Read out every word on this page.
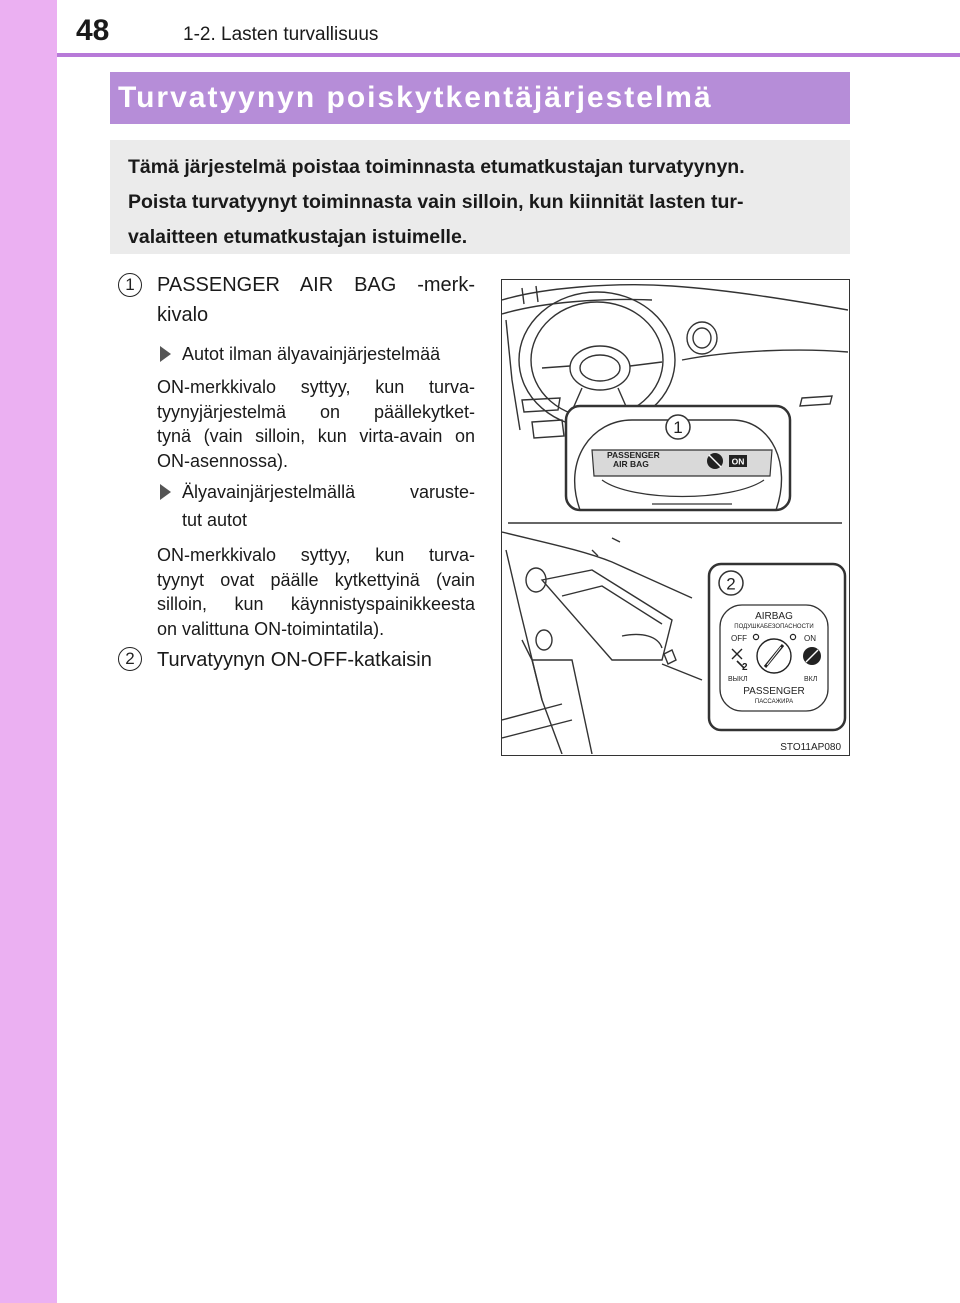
48	1-2. Lasten turvallisuus
Turvatyynyn poiskytkentäjärjestelmä
Tämä järjestelmä poistaa toiminnasta etumatkustajan turvatyynyn.
Poista turvatyynyt toiminnasta vain silloin, kun kiinnität lasten tur-
valaitteen etumatkustajan istuimelle.
1	PASSENGER AIR BAG -merk-
kivalo
Autot ilman älyavainjärjestelmää
ON-merkkivalo syttyy, kun turva-
tyynyjärjestelmä on päällekytket-
tynä (vain silloin, kun virta-avain on
ON-asennossa).
Älyavainjärjestelmällä varuste-
tut autot
ON-merkkivalo syttyy, kun turva-
tyynyt ovat päälle kytkettyinä (vain
silloin, kun käynnistyspainikkeesta
on valittuna ON-toimintatila).
2	Turvatyynyn ON-OFF-katkaisin
PASSENGER
AIR BAG	ON
1
2
AIRBAG
ПОДУШКАБЕЗОПАСНОСТИ
OFF	ON
2
ВЫКЛ	ВКЛ
PASSENGER
ПАССАЖИРА
STO11AP080
